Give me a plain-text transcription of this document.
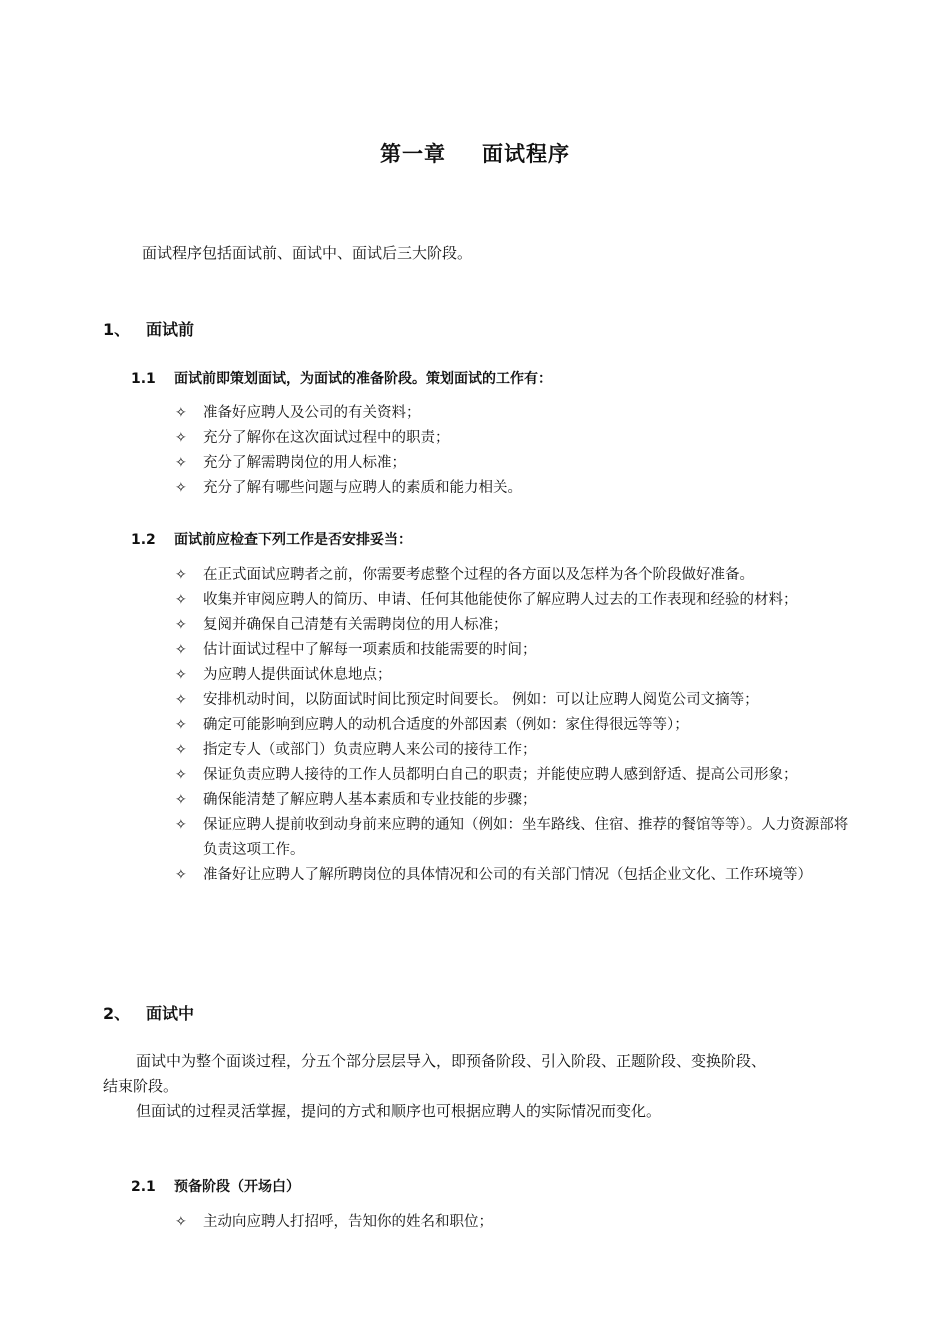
第一章 面试程序
面试程序包括面试前、面试中、面试后三大阶段。
1、 面试前
1.1 面试前即策划面试，为面试的准备阶段。策划面试的工作有：
✧ 准备好应聘人及公司的有关资料；
✧ 充分了解你在这次面试过程中的职责；
✧ 充分了解需聘岗位的用人标准；
✧ 充分了解有哪些问题与应聘人的素质和能力相关。
1.2 面试前应检查下列工作是否安排妥当：
✧ 在正式面试应聘者之前，你需要考虑整个过程的各方面以及怎样为各个阶段做好准备。
✧ 收集并审阅应聘人的简历、申请、任何其他能使你了解应聘人过去的工作表现和经验的材料；
✧ 复阅并确保自己清楚有关需聘岗位的用人标准；
✧ 估计面试过程中了解每一项素质和技能需要的时间；
✧ 为应聘人提供面试休息地点；
✧ 安排机动时间，以防面试时间比预定时间要长。 例如：可以让应聘人阅览公司文摘等；
✧ 确定可能影响到应聘人的动机合适度的外部因素（例如：家住得很远等等）；
✧ 指定专人（或部门）负责应聘人来公司的接待工作；
✧ 保证负责应聘人接待的工作人员都明白自己的职责；并能使应聘人感到舒适、提高公司形象；
✧ 确保能清楚了解应聘人基本素质和专业技能的步骤；
✧ 保证应聘人提前收到动身前来应聘的通知（例如：坐车路线、住宿、推荐的餐馆等等）。人力资源部将负责这项工作。
✧ 准备好让应聘人了解所聘岗位的具体情况和公司的有关部门情况（包括企业文化、工作环境等）
2、 面试中
面试中为整个面谈过程，分五个部分层层导入，即预备阶段、引入阶段、正题阶段、变换阶段、
结束阶段。
但面试的过程灵活掌握，提问的方式和顺序也可根据应聘人的实际情况而变化。
2.1 预备阶段（开场白）
✧ 主动向应聘人打招呼，告知你的姓名和职位；
